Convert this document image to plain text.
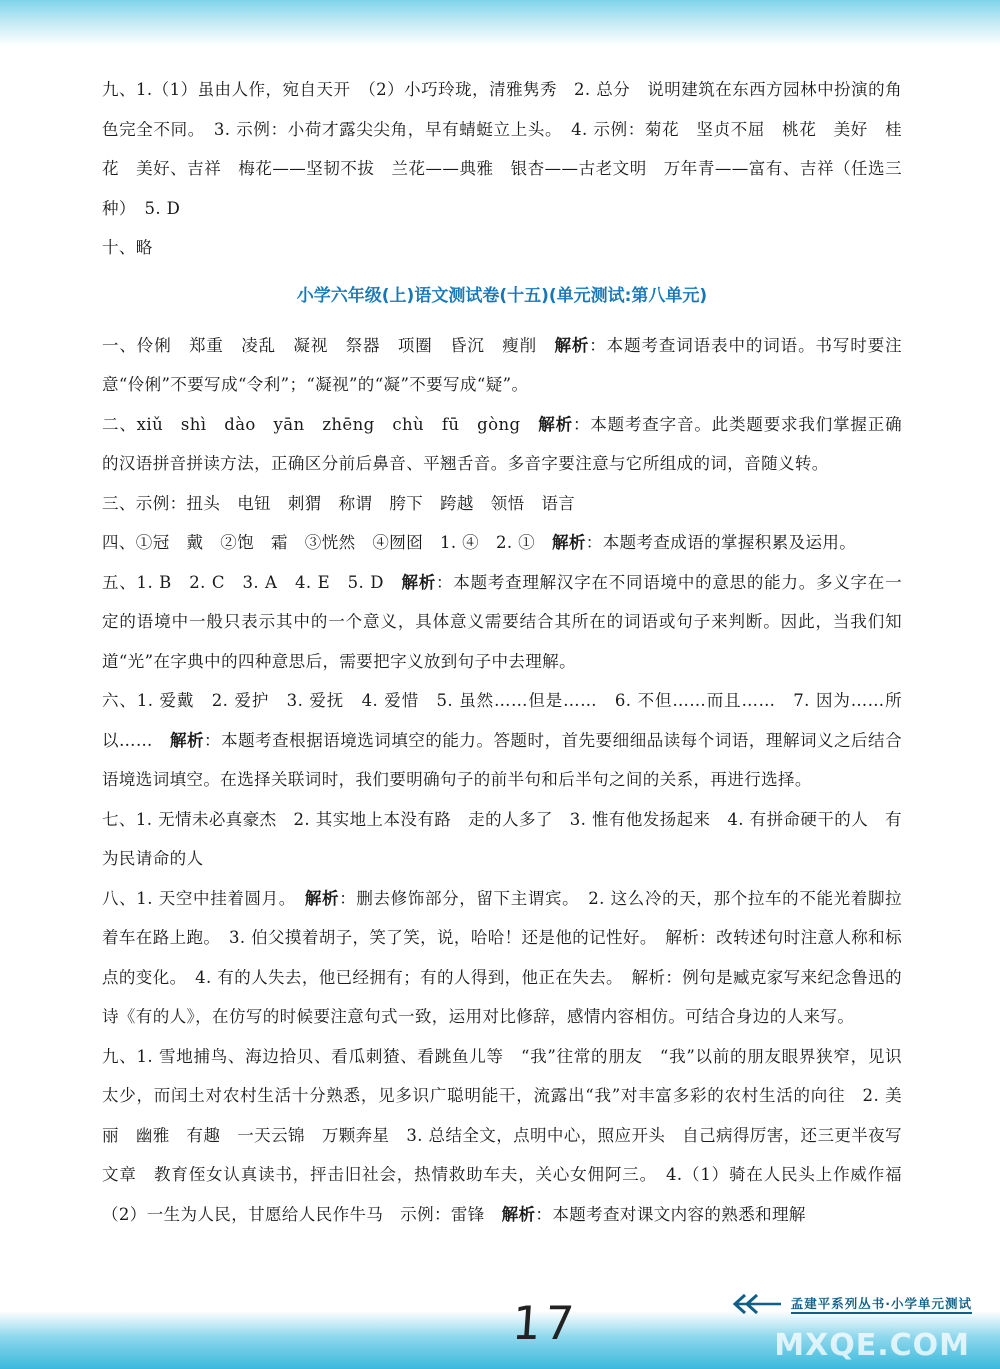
九、1.（1）虽由人作，宛自天开　（2）小巧玲珑，清雅隽秀　2. 总分　说明建筑在东西方园林中扮演的角色完全不同。　3. 示例：小荷才露尖尖角，早有蜻蜓立上头。　4. 示例：菊花　坚贞不屈　桃花　美好　桂花　美好、吉祥　梅花——坚韧不拔　兰花——典雅　银杏——古老文明　万年青——富有、吉祥（任选三种）　5. D

十、略

小学六年级(上)语文测试卷(十五)(单元测试:第八单元)

一、伶俐　郑重　凌乱　凝视　祭器　项圈　昏沉　瘦削　解析：本题考查词语表中的词语。书写时要注意“伶俐”不要写成“令利”；“凝视”的“凝”不要写成“疑”。

二、xiǔ　shì　dào　yān　zhēng　chù　fū　gòng　解析：本题考查字音。此类题要求我们掌握正确的汉语拼音拼读方法，正确区分前后鼻音、平翘舌音。多音字要注意与它所组成的词，音随义转。

三、示例：扭头　电钮　刺猬　称谓　胯下　跨越　领悟　语言

四、①冠　戴　②饱　霜　③恍然　④囫囵　1. ④　2. ①　解析：本题考查成语的掌握积累及运用。

五、1. B　2. C　3. A　4. E　5. D　解析：本题考查理解汉字在不同语境中的意思的能力。多义字在一定的语境中一般只表示其中的一个意义，具体意义需要结合其所在的词语或句子来判断。因此，当我们知道“光”在字典中的四种意思后，需要把字义放到句子中去理解。

六、1. 爱戴　2. 爱护　3. 爱抚　4. 爱惜　5. 虽然……但是……　6. 不但……而且……　7. 因为……所以……　解析：本题考查根据语境选词填空的能力。答题时，首先要细细品读每个词语，理解词义之后结合语境选词填空。在选择关联词时，我们要明确句子的前半句和后半句之间的关系，再进行选择。

七、1. 无情未必真豪杰　2. 其实地上本没有路　走的人多了　3. 惟有他发扬起来　4. 有拼命硬干的人　有为民请命的人

八、1. 天空中挂着圆月。　解析：删去修饰部分，留下主谓宾。　2. 这么冷的天，那个拉车的不能光着脚拉着车在路上跑。　3. 伯父摸着胡子，笑了笑，说，哈哈！还是他的记性好。　解析：改转述句时注意人称和标点的变化。　4. 有的人失去，他已经拥有；有的人得到，他正在失去。　解析：例句是臧克家写来纪念鲁迅的诗《有的人》，在仿写的时候要注意句式一致，运用对比修辞，感情内容相仿。可结合身边的人来写。

九、1. 雪地捕鸟、海边拾贝、看瓜刺猹、看跳鱼儿等　“我”往常的朋友　“我”以前的朋友眼界狭窄，见识太少，而闰土对农村生活十分熟悉，见多识广聪明能干，流露出“我”对丰富多彩的农村生活的向往　2. 美丽　幽雅　有趣　一天云锦　万颗奔星　3. 总结全文，点明中心，照应开头　自己病得厉害，还三更半夜写文章　教育侄女认真读书，抨击旧社会，热情救助车夫，关心女佣阿三。　4.（1）骑在人民头上作威作福　（2）一生为人民，甘愿给人民作牛马　示例：雷锋　解析：本题考查对课文内容的熟悉和理解

17	孟建平系列丛书·小学单元测试
MXQE.COM
